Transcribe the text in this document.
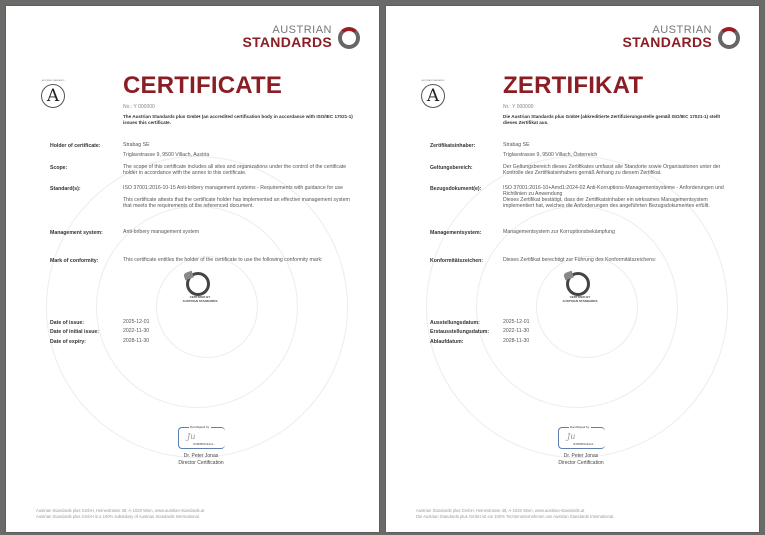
AUSTRIAN
STANDARDS
AUSTRIAN STANDARDS
A	CERTIFICATE
No.: Y 000000
The Austrian Standards plus GmbH (an accredited certification body in accordance with ISO/IEC 17021-1) issues this certificate.
Holder of certificate:	Strabag SE
Triglavstrasse 9, 9500 Villach, Austria
Scope:	The scope of this certificate includes all sites and organizations under the control of the certificate holder in accordance with the annex to this certificate.
Standard(s):	ISO 37001:2016-10-15 Anti-bribery management systems - Requirements with guidance for use
This certificate attests that the certificate holder has implemented an effective management system that meets the requirements of the referenced document.
Management system:	Anti-bribery management system
Mark of conformity:	This certificate entitles the holder of the certificate to use the following conformity mark:
Date of issue:	2025-12-01
Date of initial issue:	2022-11-30
Date of expiry:	2028-11-30
CERTIFIED BY AUSTRIAN STANDARDS
DocuSigned by:
Ju
0F9B8B8F2E4A4...
Dr. Peter Jonas
Director Certification
Austrian Standards plus GmbH, Heinestrasse 38, A-1020 Wien, www.austrian-standards.at
Austrian Standards plus GmbH is a 100% subsidiary of Austrian Standards International.
AUSTRIAN
STANDARDS
AUSTRIAN STANDARDS
A	ZERTIFIKAT
Nr.: Y 000000
Die Austrian Standards plus GmbH (akkreditierte Zertifizierungsstelle gemäß ISO/IEC 17021-1) stellt dieses Zertifikat aus.
Zertifikatsinhaber:	Strabag SE
Triglavstrasse 9, 9500 Villach, Österreich
Geltungsbereich:	Der Geltungsbereich dieses Zertifikates umfasst alle Standorte sowie Organisationen unter der Kontrolle des Zertifikatsinhabers gemäß Anhang zu diesem Zertifikat.
Bezugsdokument(e):	ISO 37001:2016-10+Amd1:2024-02 Anti-Korruptions-Managementsysteme - Anforderungen und Richtlinien zu Anwendung
Dieses Zertifikat bestätigt, dass der Zertifikatsinhaber ein wirksames Managementsystem implementiert hat, welches die Anforderungen des angeführten Bezugsdokumentes erfüllt.
Managementsystem:	Managementsystem zur Korruptionsbekämpfung
Konformitätszeichen:	Dieses Zertifikat berechtigt zur Führung des Konformitätszeichens:
Ausstellungsdatum:	2025-12-01
Erstausstellungsdatum:	2022-11-30
Ablaufdatum:	2028-11-30
CERTIFIED BY AUSTRIAN STANDARDS
DocuSigned by:
Ju
0F9B8B8F2E4A4...
Dr. Peter Jonas
Director Certification
Austrian Standards plus GmbH, Heinestrasse 38, A-1020 Wien, www.austrian-standards.at
Die Austrian Standards plus GmbH ist ein 100% Tochterunternehmen von Austrian Standards International.
